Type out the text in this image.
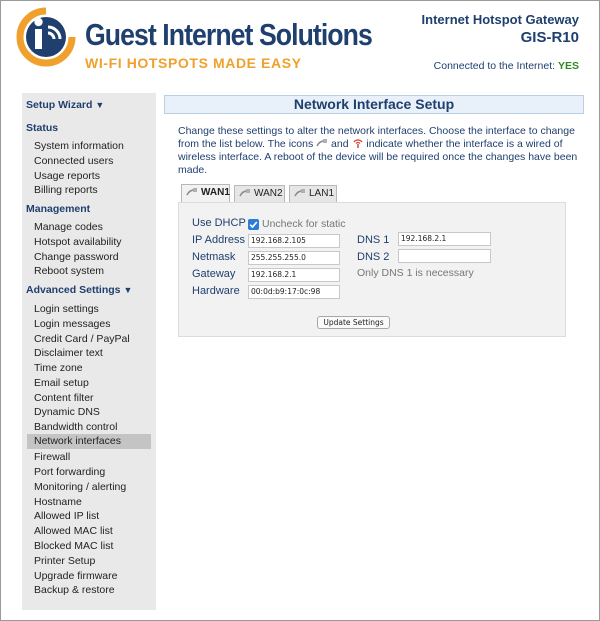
Guest Internet Solutions
WI-FI HOTSPOTS MADE EASY
Internet Hotspot Gateway
GIS-R10
Connected to the Internet: YES
Setup Wizard ▼
Status
System information
Connected users
Usage reports
Billing reports
Management
Manage codes
Hotspot availability
Change password
Reboot system
Advanced Settings ▼
Login settings
Login messages
Credit Card / PayPal
Disclaimer text
Time zone
Email setup
Content filter
Dynamic DNS
Bandwidth control
Network interfaces
Firewall
Port forwarding
Monitoring / alerting
Hostname
Allowed IP list
Allowed MAC list
Blocked MAC list
Printer Setup
Upgrade firmware
Backup & restore
Network Interface Setup
Change these settings to alter the network interfaces. Choose the interface to change from the list below. The icons and indicate whether the interface is a wired of wireless interface. A reboot of the device will be required once the changes have been made.
WAN1	WAN2	LAN1
Use DHCP Uncheck for static
IP Address 192.168.2.105
Netmask	255.255.255.0
Gateway	192.168.2.1
Hardware	00:0d:b9:17:0c:98
DNS 1	192.168.2.1
DNS 2
Only DNS 1 is necessary
Update Settings
